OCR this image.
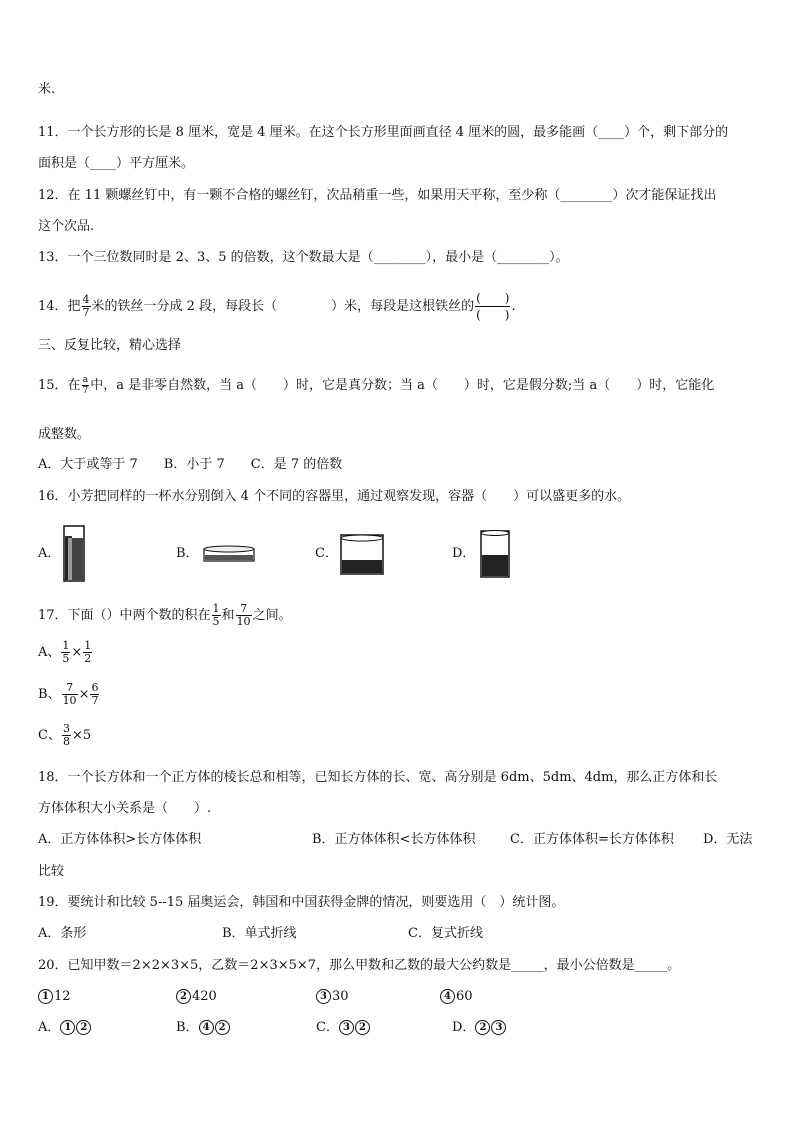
米.
11．一个长方形的长是 8 厘米，宽是 4 厘米。在这个长方形里面画直径 4 厘米的圆，最多能画（____）个，剩下部分的
面积是（____）平方厘米。
12．在 11 颗螺丝钉中，有一颗不合格的螺丝钉，次品稍重一些，如果用天平称，至少称（________）次才能保证找出
这个次品.
13．一个三位数同时是 2、3、5 的倍数，这个数最大是（________），最小是（________）。
14．把 $\frac{4}{7}$ 米的铁丝一分成 2 段，每段长（	）米，每段是这根铁丝的
(　　)
(　　)
.
三、反复比较，精心选择
15．在 $\frac{a}{7}$ 中，a 是非零自然数，当 a（　　）时，它是真分数；当 a（　　）时，它是假分数;当 a（　　）时，它能化
成整数。
A．大于或等于 7　　B．小于 7　　C．是 7 的倍数
16．小芳把同样的一杯水分别倒入 4 个不同的容器里，通过观察发现，容器（　　）可以盛更多的水。
A．	B．	C．	D．
17．下面（）中两个数的积在 $\frac{1}{5}$ 和 $\frac{7}{10}$ 之间。
A、 $\frac{1}{5} \times \frac{1}{2}$
B、 $\frac{7}{10} \times \frac{6}{7}$
C、 $\frac{3}{8} \times 5$
18．一个长方体和一个正方体的棱长总和相等，已知长方体的长、宽、高分别是 6dm、5dm、4dm，那么正方体和长
方体体积大小关系是（　　）.
A．正方体体积>长方体体积	B．正方体体积<长方体体积	C．正方体体积=长方体体积 D．无法
比较
19．要统计和比较 5--15 届奥运会，韩国和中国获得金牌的情况，则要选用（　）统计图。
A．条形	B．单式折线	C．复式折线
20．已知甲数＝2×2×3×5，乙数＝2×3×5×7，那么甲数和乙数的最大公约数是_____，最小公倍数是_____。
1 12	2 420	3 30	4 60
A． 1 2	B． 4 2	C． 3 2	D． 2 3
